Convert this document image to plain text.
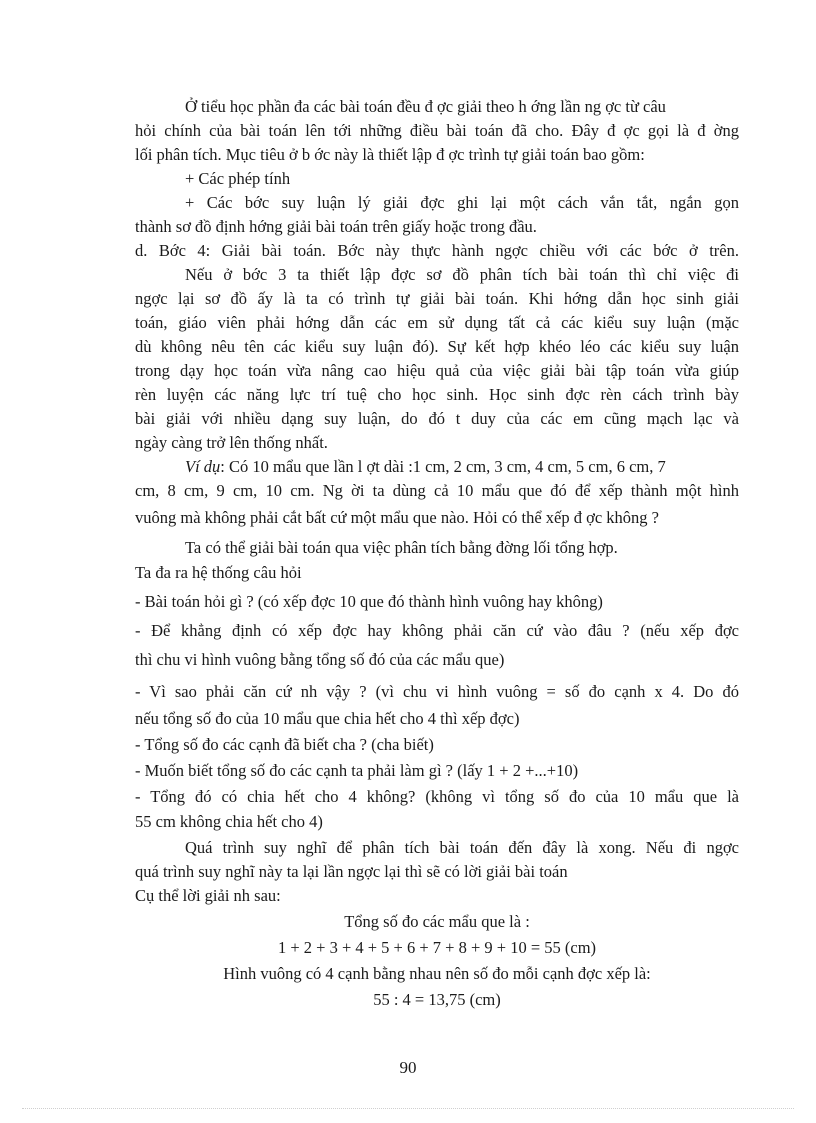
Ở tiểu học phần đa các bài toán đều đ ợc giải theo h ớng lần ng ợc từ câu
hỏi chính của bài toán lên tới những điều bài toán đã cho. Đây đ ợc gọi là đ ờng
lối phân tích. Mục tiêu ở b ớc này là thiết lập đ ợc trình tự giải toán bao gồm:
+ Các phép tính
+ Các bớc suy luận lý giải đợc ghi lại một cách vắn tắt, ngắn gọn
thành sơ đồ định hớng giải bài toán trên giấy hoặc trong đầu.
d. Bớc 4: Giải bài toán. Bớc này thực hành ngợc chiều với các bớc ở trên.
Nếu ở bớc 3 ta thiết lập đợc sơ đồ phân tích bài toán thì chỉ việc đi
ngợc lại sơ đồ ấy là ta có trình tự giải bài toán. Khi hớng dẫn học sinh giải
toán, giáo viên phải hớng dẫn các em sử dụng tất cả các kiểu suy luận (mặc
dù không nêu tên các kiểu suy luận đó). Sự kết hợp khéo léo các kiểu suy luận
trong dạy học toán vừa nâng cao hiệu quả của việc giải bài tập toán vừa giúp
rèn luyện các năng lực trí tuệ cho học sinh. Học sinh đợc rèn cách trình bày
bài giải với nhiều dạng suy luận, do đó t duy của các em cũng mạch lạc và
ngày càng trở lên thống nhất.
Ví dụ: Có 10 mẩu que lần l ợt dài :1 cm, 2 cm, 3 cm, 4 cm, 5 cm, 6 cm, 7
cm, 8 cm, 9 cm, 10 cm. Ng ời ta dùng cả 10 mẩu que đó để xếp thành một hình
vuông mà không phải cắt bất cứ một mẩu que nào. Hỏi có thể xếp đ ợc không ?
Ta có thể giải bài toán qua việc phân tích bằng đờng lối tổng hợp.
Ta đa ra hệ thống câu hỏi
- Bài toán hỏi gì ? (có xếp đợc 10 que đó thành hình vuông hay không)
- Để khẳng định có xếp đợc hay không phải căn cứ vào đâu ? (nếu xếp đợc
thì chu vi hình vuông bằng tổng số đó của các mẩu que)
- Vì sao phải căn cứ nh vậy ? (vì chu vi hình vuông = số đo cạnh x 4. Do đó
nếu tổng số đo của 10 mẩu que chia hết cho 4 thì xếp đợc)
- Tổng số đo các cạnh đã biết cha ? (cha biết)
- Muốn biết tổng số đo các cạnh ta phải làm gì ? (lấy 1 + 2 +...+10)
- Tổng đó có chia hết cho 4 không? (không vì tổng số đo của 10 mẩu que là
55 cm không chia hết cho 4)
Quá trình suy nghĩ để phân tích bài toán đến đây là xong. Nếu đi ngợc
quá trình suy nghĩ này ta lại lần ngợc lại thì sẽ có lời giải bài toán
Cụ thể lời giải nh sau:
Tổng số đo các mẩu que là :
1 + 2 + 3 + 4 + 5 + 6 + 7 + 8 + 9 + 10 = 55 (cm)
Hình vuông có 4 cạnh bằng nhau nên số đo mỗi cạnh đợc xếp là:
55 : 4 = 13,75 (cm)
90
